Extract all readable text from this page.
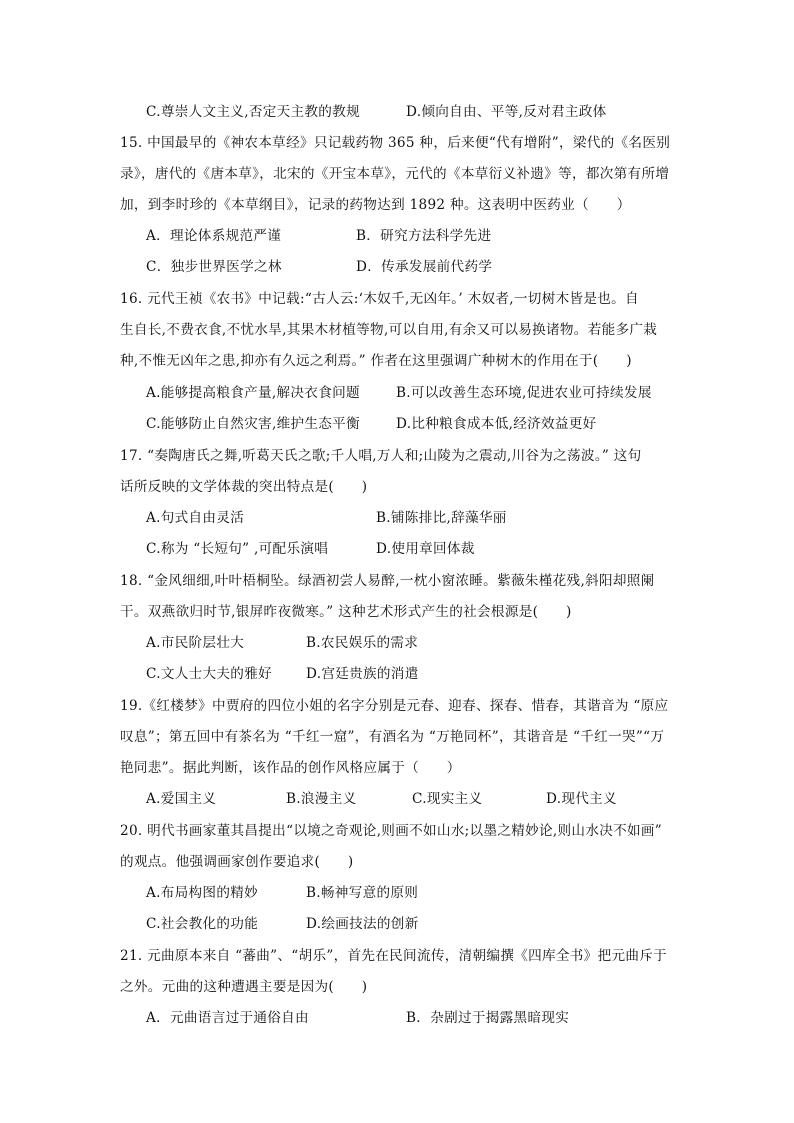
C.尊崇人文主义,否定天主教的教规	D.倾向自由、平等,反对君主政体
15. 中国最早的《神农本草经》只记载药物 365 种，后来便“代有增附”，梁代的《名医别
录》，唐代的《唐本草》，北宋的《开宝本草》，元代的《本草衍义补遗》等，都次第有所增
加，到李时珍的《本草纲目》，记录的药物达到 1892 种。这表明中医药业（　　）
A．理论体系规范严谨	B．研究方法科学先进
C．独步世界医学之林	D．传承发展前代药学
16. 元代王祯《农书》中记载:“古人云:‘木奴千,无凶年。’ 木奴者,一切树木皆是也。自
生自长,不费衣食,不忧水旱,其果木材植等物,可以自用,有余又可以易换诸物。若能多广栽
种,不惟无凶年之患,抑亦有久远之利焉。” 作者在这里强调广种树木的作用在于(　　)
A.能够提高粮食产量,解决衣食问题	B.可以改善生态环境,促进农业可持续发展
C.能够防止自然灾害,维护生态平衡	D.比种粮食成本低,经济效益更好
17. “奏陶唐氏之舞,听葛天氏之歌;千人唱,万人和;山陵为之震动,川谷为之荡波。” 这句
话所反映的文学体裁的突出特点是(　　)
A.句式自由灵活	B.铺陈排比,辞藻华丽
C.称为 “长短句” ,可配乐演唱	D.使用章回体裁
18. “金风细细,叶叶梧桐坠。绿酒初尝人易醉,一枕小窗浓睡。紫薇朱槿花残,斜阳却照阑
干。双燕欲归时节,银屏昨夜微寒。” 这种艺术形式产生的社会根源是(　　)
A.市民阶层壮大	B.农民娱乐的需求
C.文人士大夫的雅好	D.宫廷贵族的消遣
19.《红楼梦》中贾府的四位小姐的名字分别是元春、迎春、探春、惜春，其谐音为 “原应
叹息”；第五回中有茶名为 “千红一窟”，有酒名为 “万艳同杯”，其谐音是 “千红一哭”“万
艳同悲”。据此判断，该作品的创作风格应属于（　　）
A.爱国主义	B.浪漫主义	C.现实主义	D.现代主义
20. 明代书画家董其昌提出“以境之奇观论,则画不如山水;以墨之精妙论,则山水决不如画”
的观点。他强调画家创作要追求(　　)
A.布局构图的精妙	B.畅神写意的原则
C.社会教化的功能	D.绘画技法的创新
21. 元曲原本来自 “蕃曲”、“胡乐”，首先在民间流传，清朝编撰《四库全书》把元曲斥于
之外。元曲的这种遭遇主要是因为(　　)
A．元曲语言过于通俗自由	B．杂剧过于揭露黑暗现实
